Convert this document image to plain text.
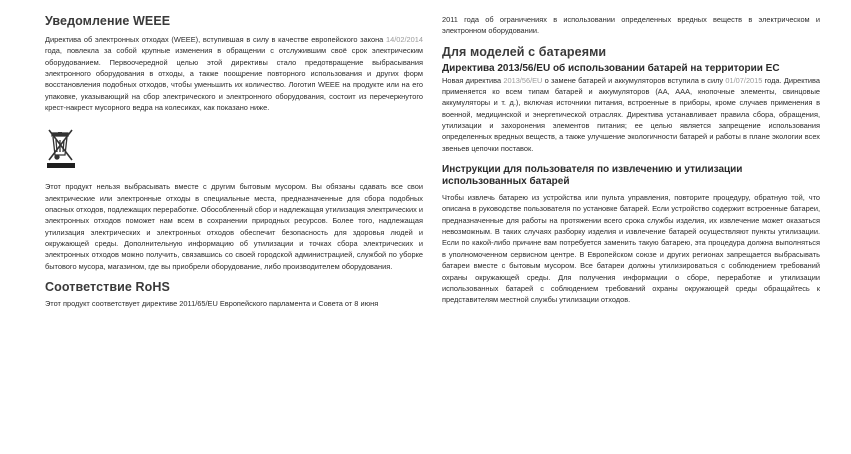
Уведомление WEEE

Директива об электронных отходах (WEEE), вступившая в силу в качестве европейского закона 14/02/2014 года, повлекла за собой крупные изменения в обращении с отслужившим своё срок электрическим оборудованием. Первоочередной целью этой директивы стало предотвращение выбрасывания электронного оборудования в отходы, а также поощрение повторного использования и других форм восстановления подобных отходов, чтобы уменьшить их количество. Логотип WEEE на продукте или на его упаковке, указывающий на сбор электрического и электронного оборудования, состоит из перечеркнутого крест-накрест мусорного ведра на колесиках, как показано ниже.

Этот продукт нельзя выбрасывать вместе с другим бытовым мусором. Вы обязаны сдавать все свои электрические или электронные отходы в специальные места, предназначенные для сбора подобных опасных отходов, подлежащих переработке. Обособленный сбор и надлежащая утилизация электрических и электронных отходов поможет нам всем в сохранении природных ресурсов. Более того, надлежащая утилизация электрических и электронных отходов обеспечит безопасность для здоровья людей и окружающей среды. Дополнительную информацию об утилизации и точках сбора электрических и электронных отходов можно получить, связавшись со своей городской администрацией, службой по уборке бытового мусора, магазином, где вы приобрели оборудование, либо производителем оборудования.

Соответствие RoHS

Этот продукт соответствует директиве 2011/65/EU Европейского парламента и Совета от 8 июня

2011 года об ограничениях в использовании определенных вредных веществ в электрическом и электронном оборудовании.

Для моделей с батареями
Директива 2013/56/EU об использовании батарей на территории ЕС

Новая директива 2013/56/EU о замене батарей и аккумуляторов вступила в силу 01/07/2015 года. Директива применяется ко всем типам батарей и аккумуляторов (AA, AAA, кнопочные элементы, свинцовые аккумуляторы и т. д.), включая источники питания, встроенные в приборы, кроме случаев применения в военной, медицинской и энергетической отраслях. Директива устанавливает правила сбора, обращения, утилизации и захоронения элементов питания; ее целью является запрещение использования определенных вредных веществ, а также улучшение экологичности батарей и работы в плане экологии всех звеньев цепочки поставок.

Инструкции для пользователя по извлечению и утилизации использованных батарей

Чтобы извлечь батарею из устройства или пульта управления, повторите процедуру, обратную той, что описана в руководстве пользователя по установке батарей. Если устройство содержит встроенные батареи, предназначенные для работы на протяжении всего срока службы изделия, их извлечение может оказаться невозможным. В таких случаях разборку изделия и извлечение батарей осуществляют пункты утилизации. Если по какой-либо причине вам потребуется заменить такую батарею, эта процедура должна выполняться в уполномоченном сервисном центре. В Европейском союзе и других регионах запрещается выбрасывать батареи вместе с бытовым мусором. Все батареи должны утилизироваться с соблюдением требований охраны окружающей среды. Для получения информации о сборе, переработке и утилизации использованных батарей с соблюдением требований охраны окружающей среды обращайтесь к представителям местной службы утилизации отходов.
